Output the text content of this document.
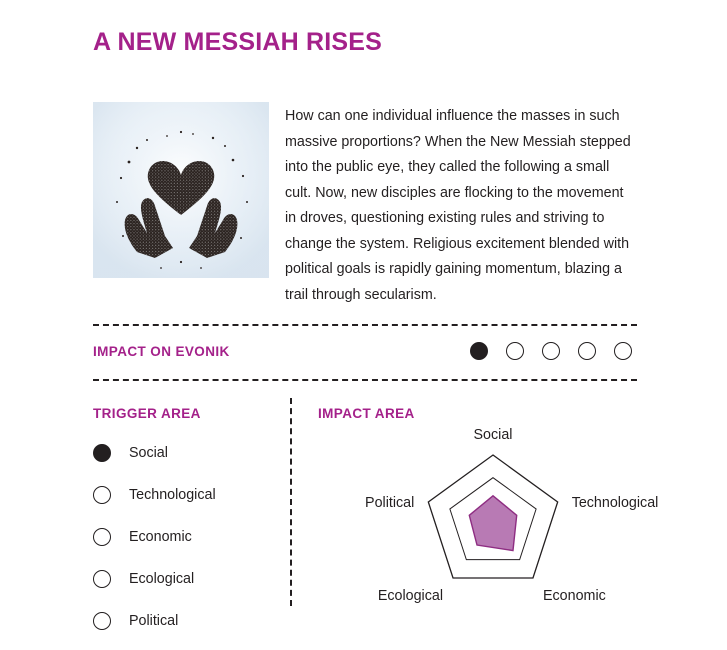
A NEW MESSIAH RISES
How can one individual influence the masses in such massive proportions? When the New Messiah stepped into the public eye, they called the following a small cult. Now, new disciples are flocking to the movement in droves, questioning existing rules and striving to change the system. Religious excitement blended with political goals is rapidly gaining momentum, blazing a trail through secularism.
IMPACT ON EVONIK
TRIGGER AREA
Social
Technological
Economic
Ecological
Political
IMPACT AREA
Social
Technological
Economic
Ecological
Political
